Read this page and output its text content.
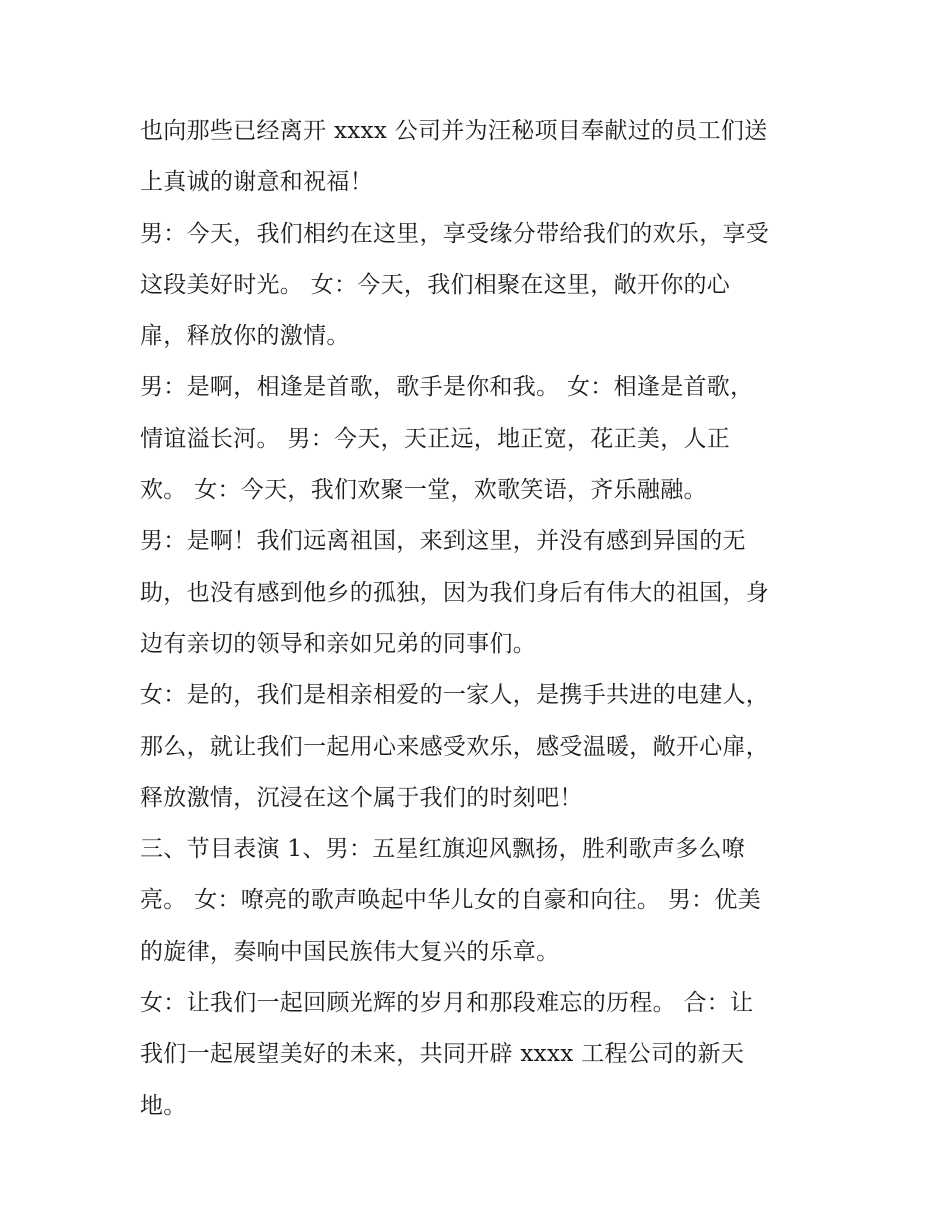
也向那些已经离开 xxxx 公司并为汪秘项目奉献过的员工们送
上真诚的谢意和祝福！
男：今天，我们相约在这里，享受缘分带给我们的欢乐，享受
这段美好时光。 女：今天，我们相聚在这里，敞开你的心
扉，释放你的激情。
男：是啊，相逢是首歌，歌手是你和我。 女：相逢是首歌，
情谊溢长河。 男：今天，天正远，地正宽，花正美，人正
欢。 女：今天，我们欢聚一堂，欢歌笑语，齐乐融融。
男：是啊！我们远离祖国，来到这里，并没有感到异国的无
助，也没有感到他乡的孤独，因为我们身后有伟大的祖国，身
边有亲切的领导和亲如兄弟的同事们。
女：是的，我们是相亲相爱的一家人，是携手共进的电建人，
那么，就让我们一起用心来感受欢乐，感受温暖，敞开心扉，
释放激情，沉浸在这个属于我们的时刻吧！
三、节目表演 1、男：五星红旗迎风飘扬，胜利歌声多么嘹
亮。 女：嘹亮的歌声唤起中华儿女的自豪和向往。 男：优美
的旋律，奏响中国民族伟大复兴的乐章。
女：让我们一起回顾光辉的岁月和那段难忘的历程。 合：让
我们一起展望美好的未来，共同开辟 xxxx 工程公司的新天
地。
